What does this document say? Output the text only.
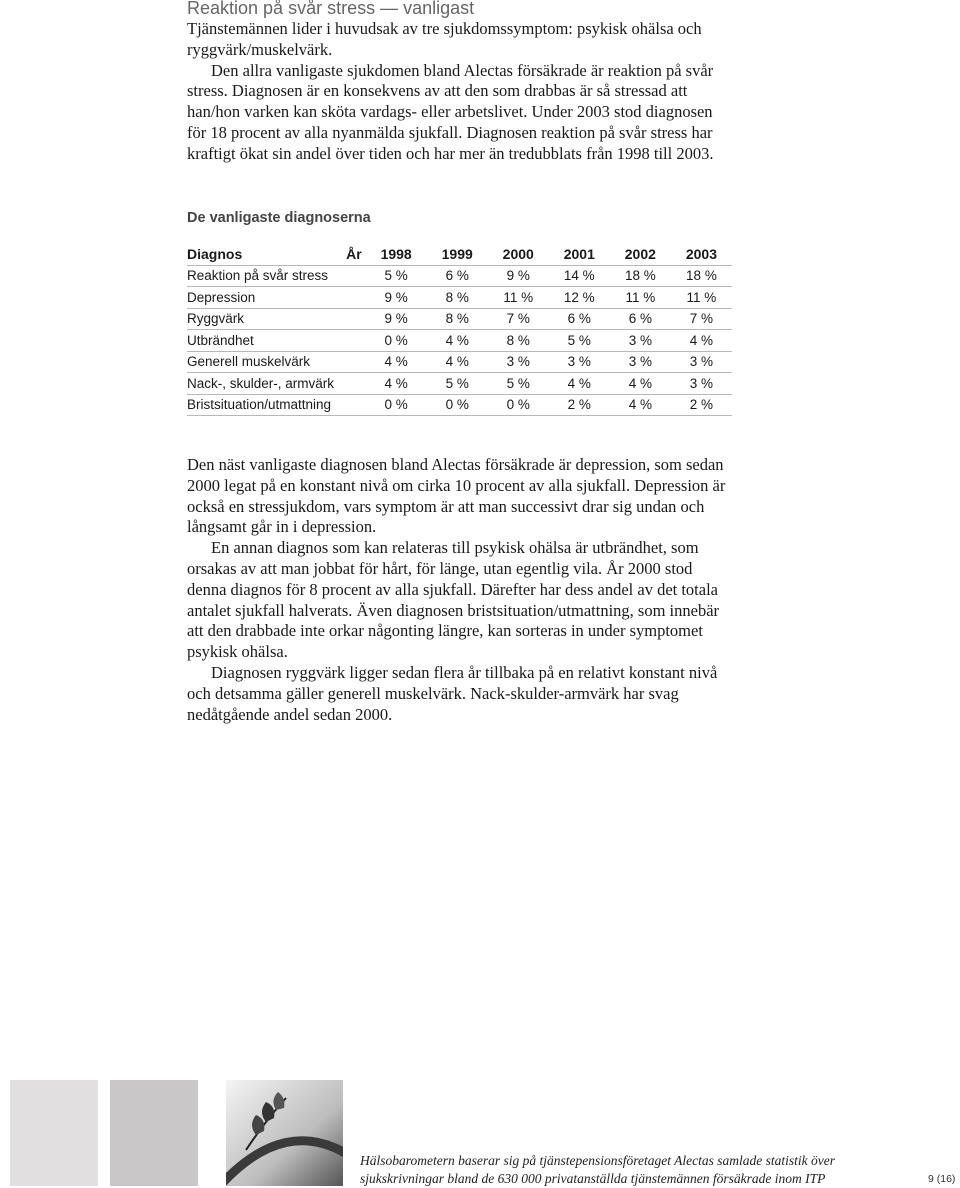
Reaktion på svår stress — vanligast

Tjänstemännen lider i huvudsak av tre sjukdomssymptom: psykisk ohälsa och ryggvärk/muskelvärk.

Den allra vanligaste sjukdomen bland Alectas försäkrade är reaktion på svår stress. Diagnosen är en konsekvens av att den som drabbas är så stressad att han/hon varken kan sköta vardags- eller arbetslivet. Under 2003 stod diagnosen för 18 procent av alla nyanmälda sjukfall. Diagnosen reaktion på svår stress har kraftigt ökat sin andel över tiden och har mer än tredubblats från 1998 till 2003.

De vanligaste diagnoserna
Diagnos	År	1998	1999	2000	2001	2002	2003
Reaktion på svår stress		5 %	6 %	9 %	14 %	18 %	18 %
Depression		9 %	8 %	11 %	12 %	11 %	11 %
Ryggvärk		9 %	8 %	7 %	6 %	6 %	7 %
Utbrändhet		0 %	4 %	8 %	5 %	3 %	4 %
Generell muskelvärk		4 %	4 %	3 %	3 %	3 %	3 %
Nack-, skulder-, armvärk		4 %	5 %	5 %	4 %	4 %	3 %
Bristsituation/utmattning		0 %	0 %	0 %	2 %	4 %	2 %

Den näst vanligaste diagnosen bland Alectas försäkrade är depression, som sedan 2000 legat på en konstant nivå om cirka 10 procent av alla sjukfall. Depression är också en stressjukdom, vars symptom är att man successivt drar sig undan och långsamt går in i depression.

En annan diagnos som kan relateras till psykisk ohälsa är utbrändhet, som orsakas av att man jobbat för hårt, för länge, utan egentlig vila. År 2000 stod denna diagnos för 8 procent av alla sjukfall. Därefter har dess andel av det totala antalet sjukfall halverats. Även diagnosen bristsituation/utmattning, som innebär att den drabbade inte orkar någonting längre, kan sorteras in under symptomet psykisk ohälsa.

Diagnosen ryggvärk ligger sedan flera år tillbaka på en relativt konstant nivå och detsamma gäller generell muskelvärk. Nack-skulder-armvärk har svag nedåtgående andel sedan 2000.

Hälsobarometern baserar sig på tjänstepensionsföretaget Alectas samlade statistik över sjukskrivningar bland de 630 000 privatanställda tjänstemännen försäkrade inom ITP	9 (16)
